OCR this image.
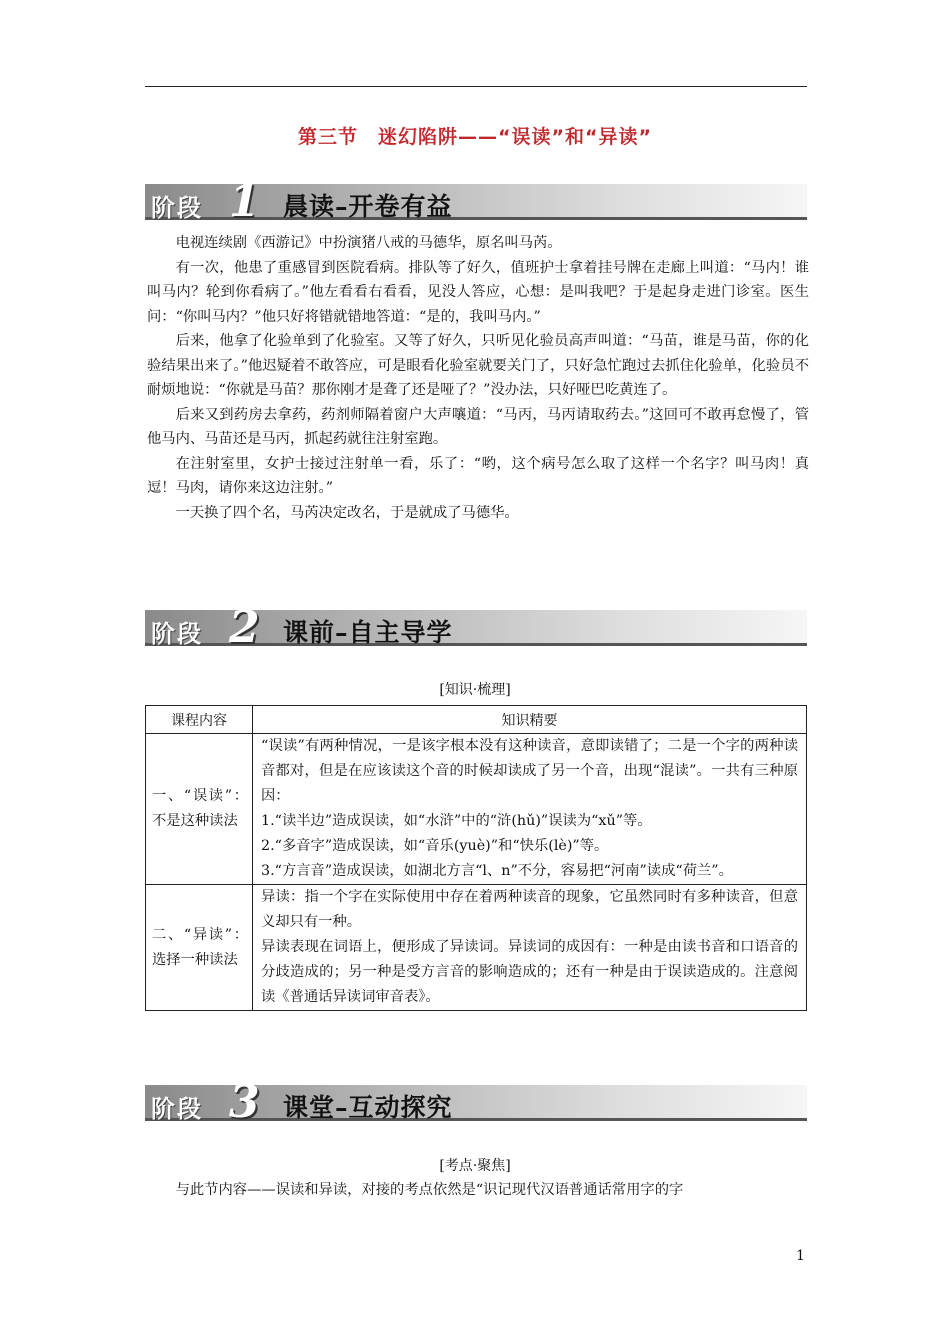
第三节　迷幻陷阱——“误读”和“异读”
阶段 1 晨读–开卷有益

电视连续剧《西游记》中扮演猪八戒的马德华，原名叫马芮。

有一次，他患了重感冒到医院看病。排队等了好久，值班护士拿着挂号牌在走廊上叫道：“马内！谁叫马内？轮到你看病了。”他左看看右看看，见没人答应，心想：是叫我吧？于是起身走进门诊室。医生问：“你叫马内？”他只好将错就错地答道：“是的，我叫马内。”

后来，他拿了化验单到了化验室。又等了好久，只听见化验员高声叫道：“马苗，谁是马苗，你的化验结果出来了。”他迟疑着不敢答应，可是眼看化验室就要关门了，只好急忙跑过去抓住化验单，化验员不耐烦地说：“你就是马苗？那你刚才是聋了还是哑了？”没办法，只好哑巴吃黄连了。

后来又到药房去拿药，药剂师隔着窗户大声嚷道：“马丙，马丙请取药去。”这回可不敢再怠慢了，管他马内、马苗还是马丙，抓起药就往注射室跑。

在注射室里，女护士接过注射单一看，乐了：“哟，这个病号怎么取了这样一个名字？叫马肉！真逗！马肉，请你来这边注射。”

一天换了四个名，马芮决定改名，于是就成了马德华。

阶段 2 课前–自主导学
[知识·梳理]
课程内容	知识精要
一、“误读”：不是这种读法	“误读”有两种情况，一是该字根本没有这种读音，意即读错了；二是一个字的两种读音都对，但是在应该读这个音的时候却读成了另一个音，出现“混读”。一共有三种原因：
1.“读半边”造成误读，如“水浒”中的“浒(hǔ)”误读为“xǔ”等。
2.“多音字”造成误读，如“音乐(yuè)”和“快乐(lè)”等。
3.“方言音”造成误读，如湖北方言“l、n”不分，容易把“河南”读成“荷兰”。

二、“异读”：选择一种读法	异读：指一个字在实际使用中存在着两种读音的现象，它虽然同时有多种读音，但意义却只有一种。
异读表现在词语上，便形成了异读词。异读词的成因有：一种是由读书音和口语音的分歧造成的；另一种是受方言音的影响造成的；还有一种是由于误读造成的。注意阅读《普通话异读词审音表》。
阶段 3 课堂–互动探究
[考点·聚焦]

与此节内容——误读和异读，对接的考点依然是“识记现代汉语普通话常用字的字

1
